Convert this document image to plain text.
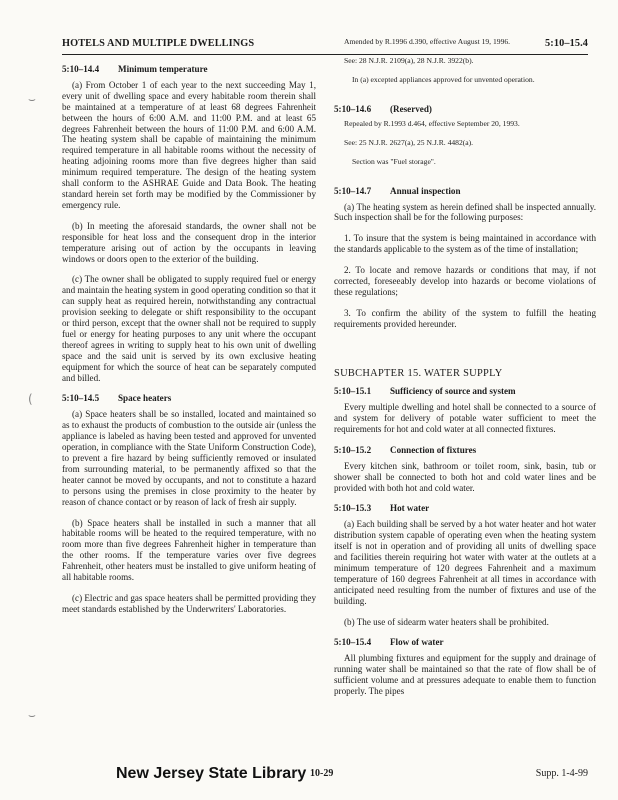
HOTELS AND MULTIPLE DWELLINGS	5:10–15.4
⌣
(
⌣
5:10–14.4 Minimum temperature

(a) From October 1 of each year to the next succeeding May 1, every unit of dwelling space and every habitable room therein shall be maintained at a temperature of at least 68 degrees Fahrenheit between the hours of 6:00 A.M. and 11:00 P.M. and at least 65 degrees Fahrenheit between the hours of 11:00 P.M. and 6:00 A.M. The heating system shall be capable of maintaining the minimum required temperature in all habitable rooms without the necessity of heating adjoining rooms more than five degrees higher than said minimum required temperature. The design of the heating system shall conform to the ASHRAE Guide and Data Book. The heating standard herein set forth may be modified by the Commissioner by emergency rule.

(b) In meeting the aforesaid standards, the owner shall not be responsible for heat loss and the consequent drop in the interior temperature arising out of action by the occupants in leaving windows or doors open to the exterior of the building.

(c) The owner shall be obligated to supply required fuel or energy and maintain the heating system in good operating condition so that it can supply heat as required herein, notwithstanding any contractual provision seeking to delegate or shift responsibility to the occupant or third person, except that the owner shall not be required to supply fuel or energy for heating purposes to any unit where the occupant thereof agrees in writing to supply heat to his own unit of dwelling space and the said unit is served by its own exclusive heating equipment for which the source of heat can be separately computed and billed.

5:10–14.5 Space heaters

(a) Space heaters shall be so installed, located and maintained so as to exhaust the products of combustion to the outside air (unless the appliance is labeled as having been tested and approved for unvented operation, in compliance with the State Uniform Construction Code), to prevent a fire hazard by being sufficiently removed or insulated from surrounding material, to be permanently affixed so that the heater cannot be moved by occupants, and not to constitute a hazard to persons using the premises in close proximity to the heater by reason of chance contact or by reason of lack of fresh air supply.

(b) Space heaters shall be installed in such a manner that all habitable rooms will be heated to the required temperature, with no room more than five degrees Fahrenheit higher in temperature than the other rooms. If the temperature varies over five degrees Fahrenheit, other heaters must be installed to give uniform heating of all habitable rooms.

(c) Electric and gas space heaters shall be permitted providing they meet standards established by the Underwriters' Laboratories.

Amended by R.1996 d.390, effective August 19, 1996.

See: 28 N.J.R. 2109(a), 28 N.J.R. 3922(b).

In (a) excepted appliances approved for unvented operation.

5:10–14.6 (Reserved)

Repealed by R.1993 d.464, effective September 20, 1993.

See: 25 N.J.R. 2627(a), 25 N.J.R. 4482(a).

Section was "Fuel storage".

5:10–14.7 Annual inspection

(a) The heating system as herein defined shall be inspected annually. Such inspection shall be for the following purposes:

1. To insure that the system is being maintained in accordance with the standards applicable to the system as of the time of installation;

2. To locate and remove hazards or conditions that may, if not corrected, foreseeably develop into hazards or become violations of these regulations;

3. To confirm the ability of the system to fulfill the heating requirements provided hereunder.

SUBCHAPTER 15. WATER SUPPLY
5:10–15.1 Sufficiency of source and system

Every multiple dwelling and hotel shall be connected to a source of and system for delivery of potable water sufficient to meet the requirements for hot and cold water at all connected fixtures.

5:10–15.2 Connection of fixtures

Every kitchen sink, bathroom or toilet room, sink, basin, tub or shower shall be connected to both hot and cold water lines and be provided with both hot and cold water.

5:10–15.3 Hot water

(a) Each building shall be served by a hot water heater and hot water distribution system capable of operating even when the heating system itself is not in operation and of providing all units of dwelling space and facilities therein requiring hot water with water at the outlets at a minimum temperature of 120 degrees Fahrenheit and a maximum temperature of 160 degrees Fahrenheit at all times in accordance with anticipated need resulting from the number of fixtures and use of the building.

(b) The use of sidearm water heaters shall be prohibited.

5:10–15.4 Flow of water

All plumbing fixtures and equipment for the supply and drainage of running water shall be maintained so that the rate of flow shall be of sufficient volume and at pressures adequate to enable them to function properly. The pipes

New Jersey State Library 10-29	Supp. 1-4-99
